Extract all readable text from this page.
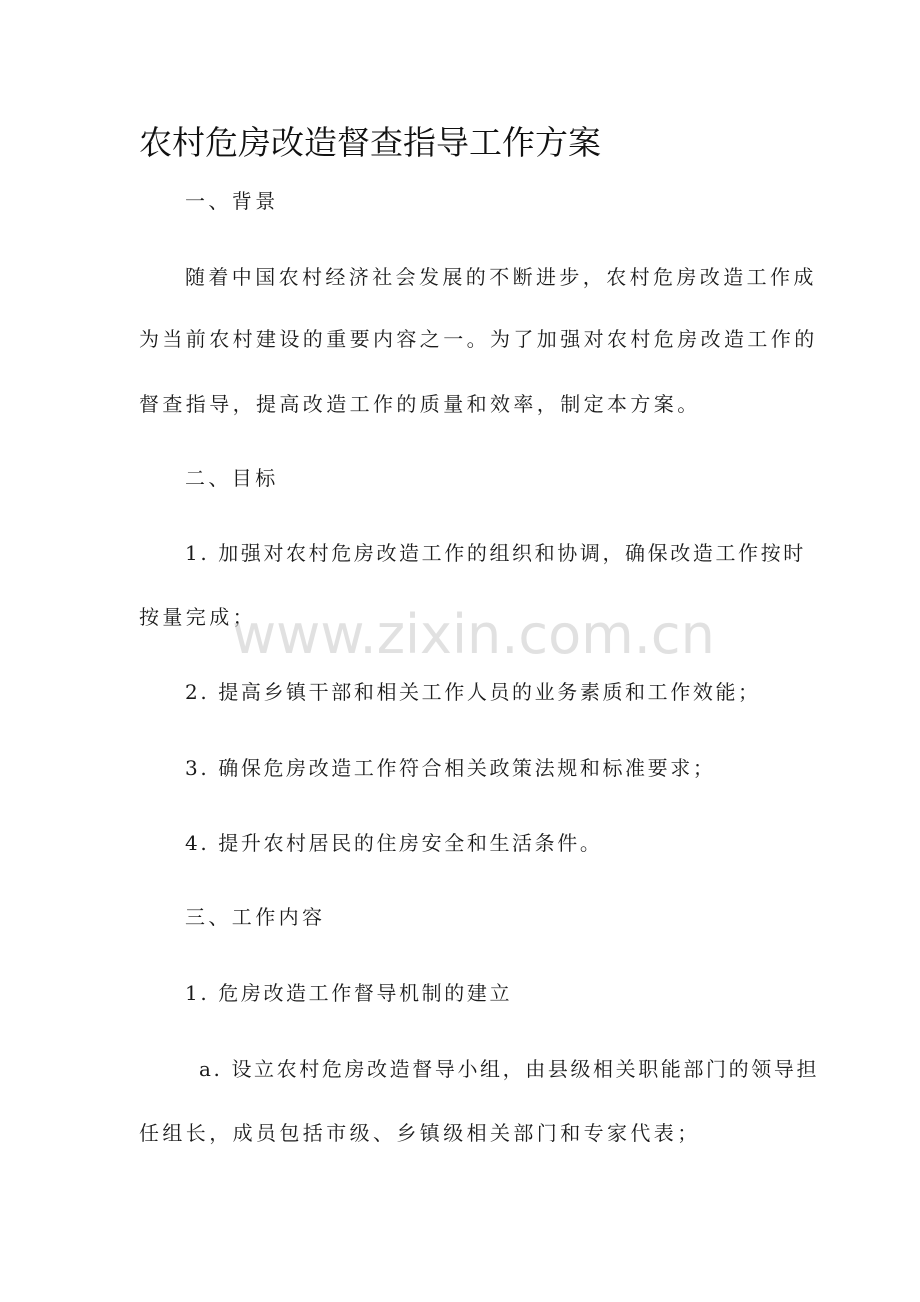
农村危房改造督查指导工作方案

一、背景

随着中国农村经济社会发展的不断进步，农村危房改造工作成

为当前农村建设的重要内容之一。为了加强对农村危房改造工作的

督查指导，提高改造工作的质量和效率，制定本方案。

二、目标

1. 加强对农村危房改造工作的组织和协调，确保改造工作按时

按量完成；

2. 提高乡镇干部和相关工作人员的业务素质和工作效能；

3. 确保危房改造工作符合相关政策法规和标准要求；

4. 提升农村居民的住房安全和生活条件。

三、工作内容

1. 危房改造工作督导机制的建立

a. 设立农村危房改造督导小组，由县级相关职能部门的领导担

任组长，成员包括市级、乡镇级相关部门和专家代表；

www.zixin.com.cn
